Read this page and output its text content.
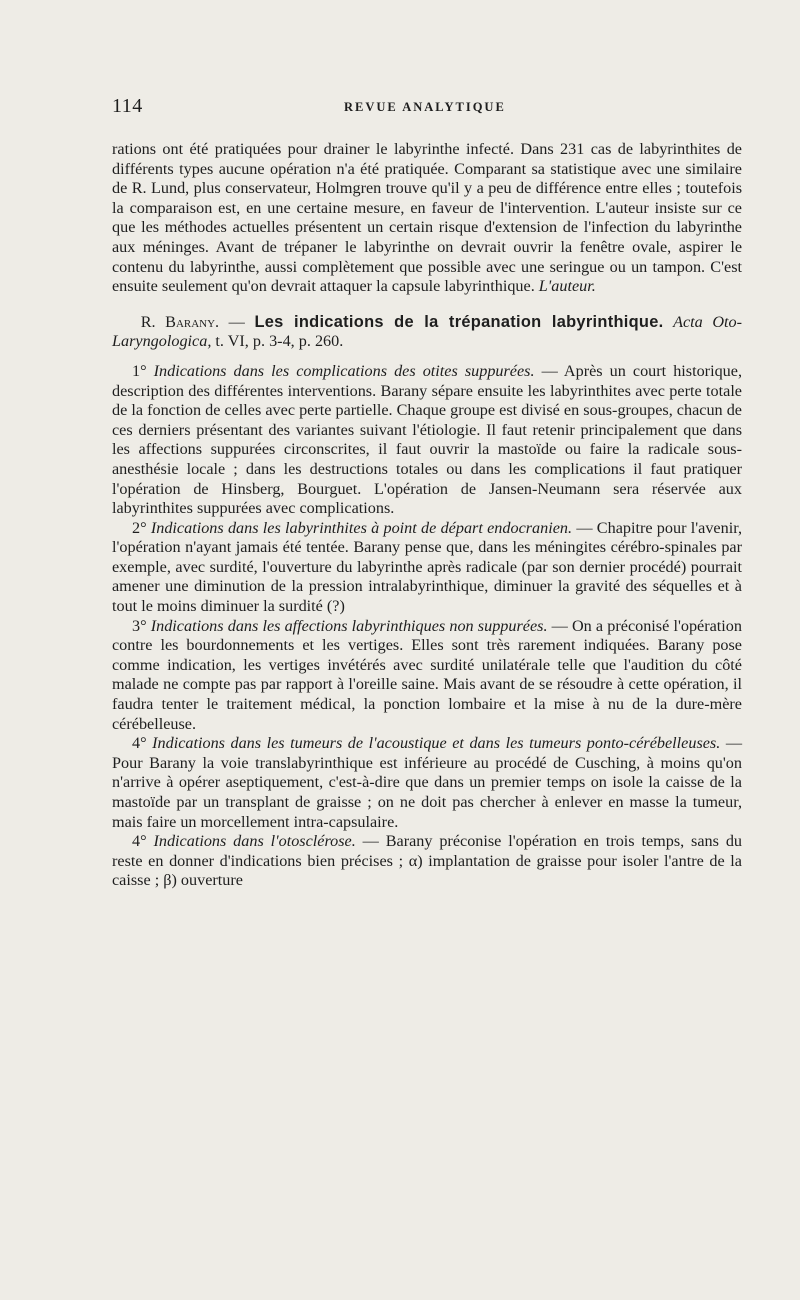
114	REVUE ANALYTIQUE

rations ont été pratiquées pour drainer le labyrinthe infecté. Dans 231 cas de labyrinthites de différents types aucune opération n'a été pratiquée. Comparant sa statistique avec une similaire de R. Lund, plus conservateur, Holmgren trouve qu'il y a peu de différence entre elles ; toutefois la comparaison est, en une certaine mesure, en faveur de l'intervention. L'auteur insiste sur ce que les méthodes actuelles présentent un certain risque d'extension de l'infection du labyrinthe aux méninges. Avant de trépaner le labyrinthe on devrait ouvrir la fenêtre ovale, aspirer le contenu du labyrinthe, aussi complètement que possible avec une seringue ou un tampon. C'est ensuite seulement qu'on devrait attaquer la capsule labyrinthique. L'auteur.

R. Barany. — Les indications de la trépanation labyrinthique. Acta Oto-Laryngologica, t. VI, p. 3-4, p. 260.

1° Indications dans les complications des otites suppurées. — Après un court historique, description des différentes interventions. Barany sépare ensuite les labyrinthites avec perte totale de la fonction de celles avec perte partielle. Chaque groupe est divisé en sous-groupes, chacun de ces derniers présentant des variantes suivant l'étiologie. Il faut retenir principalement que dans les affections suppurées circonscrites, il faut ouvrir la mastoïde ou faire la radicale sous-anesthésie locale ; dans les destructions totales ou dans les complications il faut pratiquer l'opération de Hinsberg, Bourguet. L'opération de Jansen-Neumann sera réservée aux labyrinthites suppurées avec complications.

2° Indications dans les labyrinthites à point de départ endocranien. — Chapitre pour l'avenir, l'opération n'ayant jamais été tentée. Barany pense que, dans les méningites cérébro-spinales par exemple, avec surdité, l'ouverture du labyrinthe après radicale (par son dernier procédé) pourrait amener une diminution de la pression intralabyrinthique, diminuer la gravité des séquelles et à tout le moins diminuer la surdité (?)

3° Indications dans les affections labyrinthiques non suppurées. — On a préconisé l'opération contre les bourdonnements et les vertiges. Elles sont très rarement indiquées. Barany pose comme indication, les vertiges invétérés avec surdité unilatérale telle que l'audition du côté malade ne compte pas par rapport à l'oreille saine. Mais avant de se résoudre à cette opération, il faudra tenter le traitement médical, la ponction lombaire et la mise à nu de la dure-mère cérébelleuse.

4° Indications dans les tumeurs de l'acoustique et dans les tumeurs ponto-cérébelleuses. — Pour Barany la voie translabyrinthique est inférieure au procédé de Cusching, à moins qu'on n'arrive à opérer aseptiquement, c'est-à-dire que dans un premier temps on isole la caisse de la mastoïde par un transplant de graisse ; on ne doit pas chercher à enlever en masse la tumeur, mais faire un morcellement intra-capsulaire.

4° Indications dans l'otosclérose. — Barany préconise l'opération en trois temps, sans du reste en donner d'indications bien précises ; α) implantation de graisse pour isoler l'antre de la caisse ; β) ouverture
